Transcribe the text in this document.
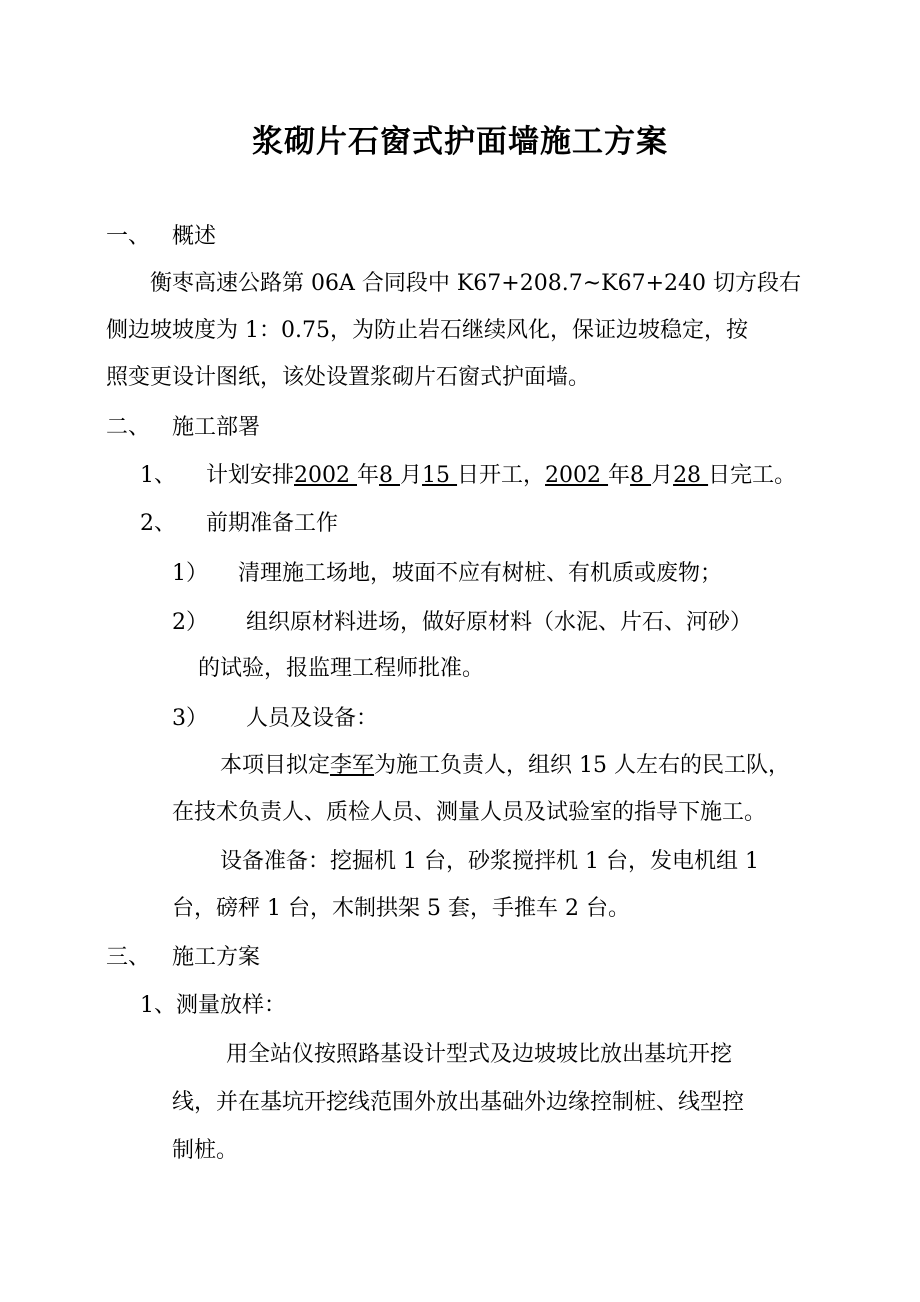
浆砌片石窗式护面墙施工方案
一、 概述
衡枣高速公路第 06A 合同段中 K67+208.7~K67+240 切方段右
侧边坡坡度为 1：0.75，为防止岩石继续风化，保证边坡稳定，按
照变更设计图纸，该处设置浆砌片石窗式护面墙。
二、 施工部署
1、 计划安排2002 年8 月15 日开工，2002 年8 月28 日完工。
2、 前期准备工作
1） 清理施工场地，坡面不应有树桩、有机质或废物；
2） 组织原材料进场，做好原材料（水泥、片石、河砂）
的试验，报监理工程师批准。
3） 人员及设备：
本项目拟定李军为施工负责人，组织 15 人左右的民工队，
在技术负责人、质检人员、测量人员及试验室的指导下施工。
设备准备：挖掘机 1 台，砂浆搅拌机 1 台，发电机组 1
台，磅秤 1 台，木制拱架 5 套，手推车 2 台。
三、 施工方案
1、测量放样：
用全站仪按照路基设计型式及边坡坡比放出基坑开挖
线，并在基坑开挖线范围外放出基础外边缘控制桩、线型控
制桩。
